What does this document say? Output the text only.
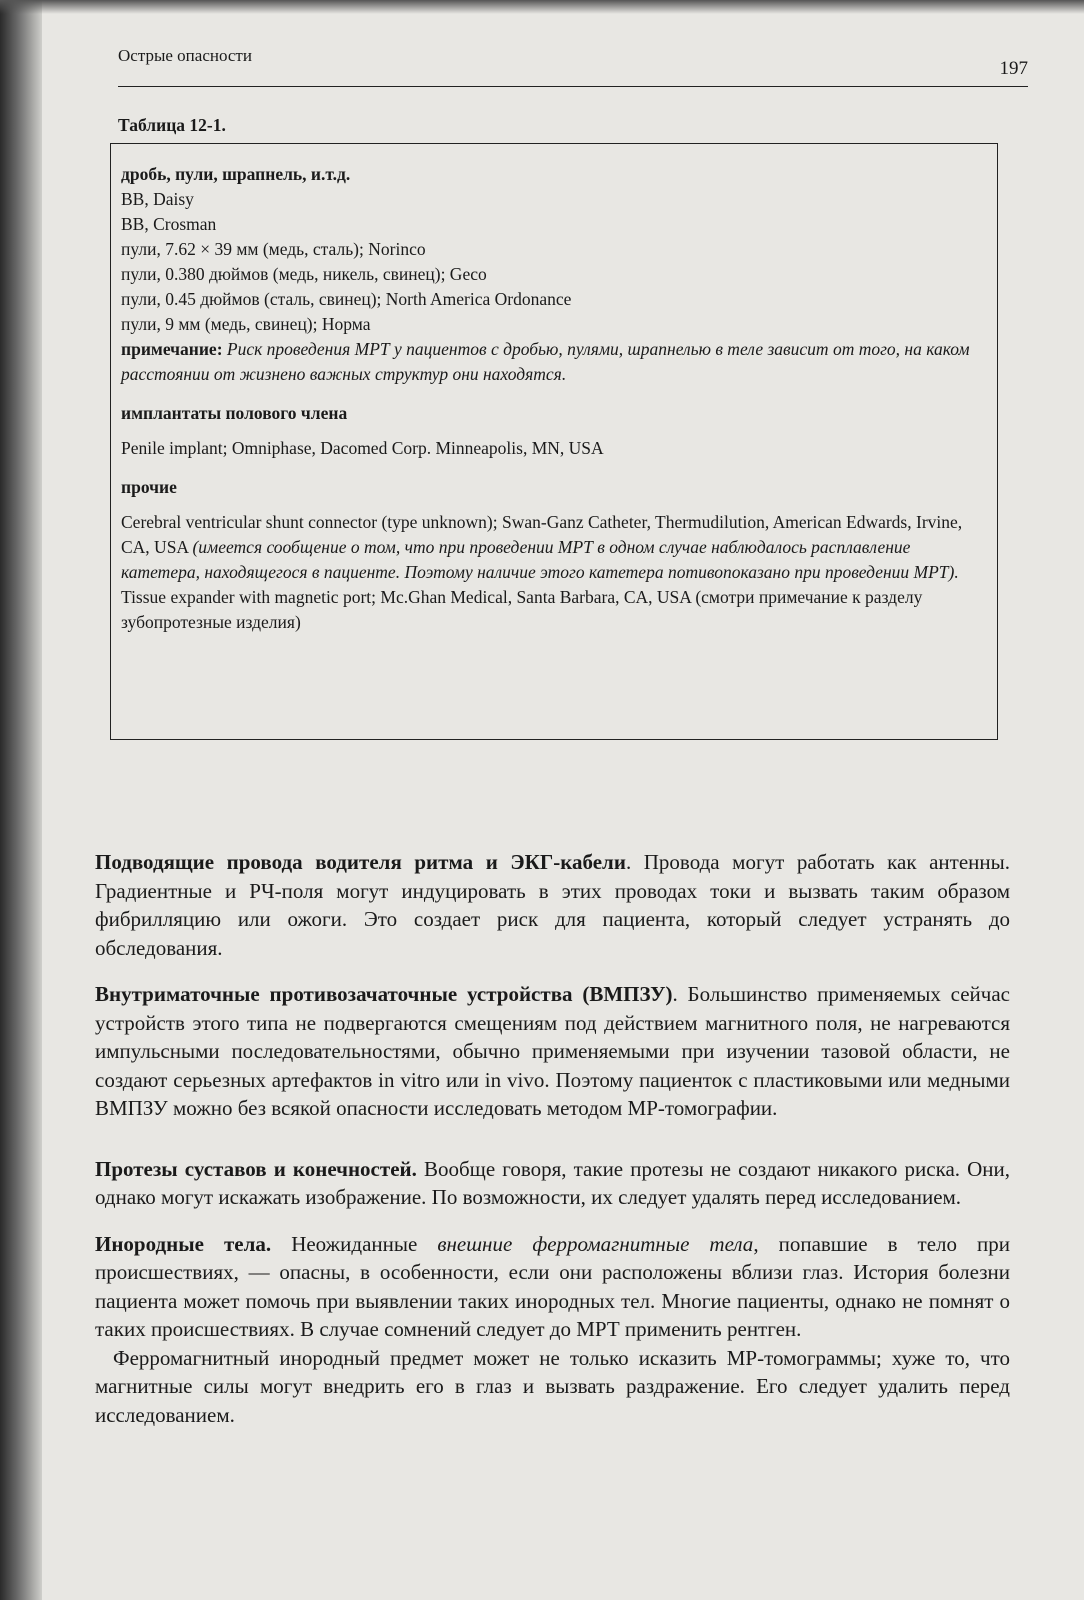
Острые опасности
197
Таблица 12-1.
дробь, пули, шрапнель, и.т.д.
BB, Daisy
BB, Crosman
пули, 7.62 × 39 мм (медь, сталь); Norinco
пули, 0.380 дюймов (медь, никель, свинец); Geco
пули, 0.45 дюймов (сталь, свинец); North America Ordonance
пули, 9 мм (медь, свинец); Норма
примечание: Риск проведения МРТ у пациентов с дробью, пулями, шрапнелью в теле зависит от того, на каком расстоянии от жизнено важных структур они находятся.
имплантаты полового члена
Penile implant; Omniphase, Dacomed Corp. Minneapolis, MN, USA
прочие
Cerebral ventricular shunt connector (type unknown); Swan-Ganz Catheter, Thermudilution, American Edwards, Irvine, CA, USA (имеется сообщение о том, что при проведении МРТ в одном случае наблюдалось расплавление катетера, находящегося в пациенте. Поэтому наличие этого катетера потивопоказано при проведении МРТ).
Tissue expander with magnetic port; Mc.Ghan Medical, Santa Barbara, CA, USA (смотри примечание к разделу зубопротезные изделия)

Подводящие провода водителя ритма и ЭКГ-кабели. Провода могут работать как антенны. Градиентные и РЧ-поля могут индуцировать в этих проводах токи и вызвать таким образом фибрилляцию или ожоги. Это создает риск для пациента, который следует устранять до обследования.

Внутриматочные противозачаточные устройства (ВМПЗУ). Большинство применяемых сейчас устройств этого типа не подвергаются смещениям под действием магнитного поля, не нагреваются импульсными последовательностями, обычно применяемыми при изучении тазовой области, не создают серьезных артефактов in vitro или in vivo. Поэтому пациенток с пластиковыми или медными ВМПЗУ можно без всякой опасности исследовать методом МР-томографии.

Протезы суставов и конечностей. Вообще говоря, такие протезы не создают никакого риска. Они, однако могут искажать изображение. По возможности, их следует удалять перед исследованием.

Инородные тела. Неожиданные внешние ферромагнитные тела, попавшие в тело при происшествиях, — опасны, в особенности, если они расположены вблизи глаз. История болезни пациента может помочь при выявлении таких инородных тел. Многие пациенты, однако не помнят о таких происшествиях. В случае сомнений следует до МРТ применить рентген.

Ферромагнитный инородный предмет может не только исказить МР-томограммы; хуже то, что магнитные силы могут внедрить его в глаз и вызвать раздражение. Его следует удалить перед исследованием.
